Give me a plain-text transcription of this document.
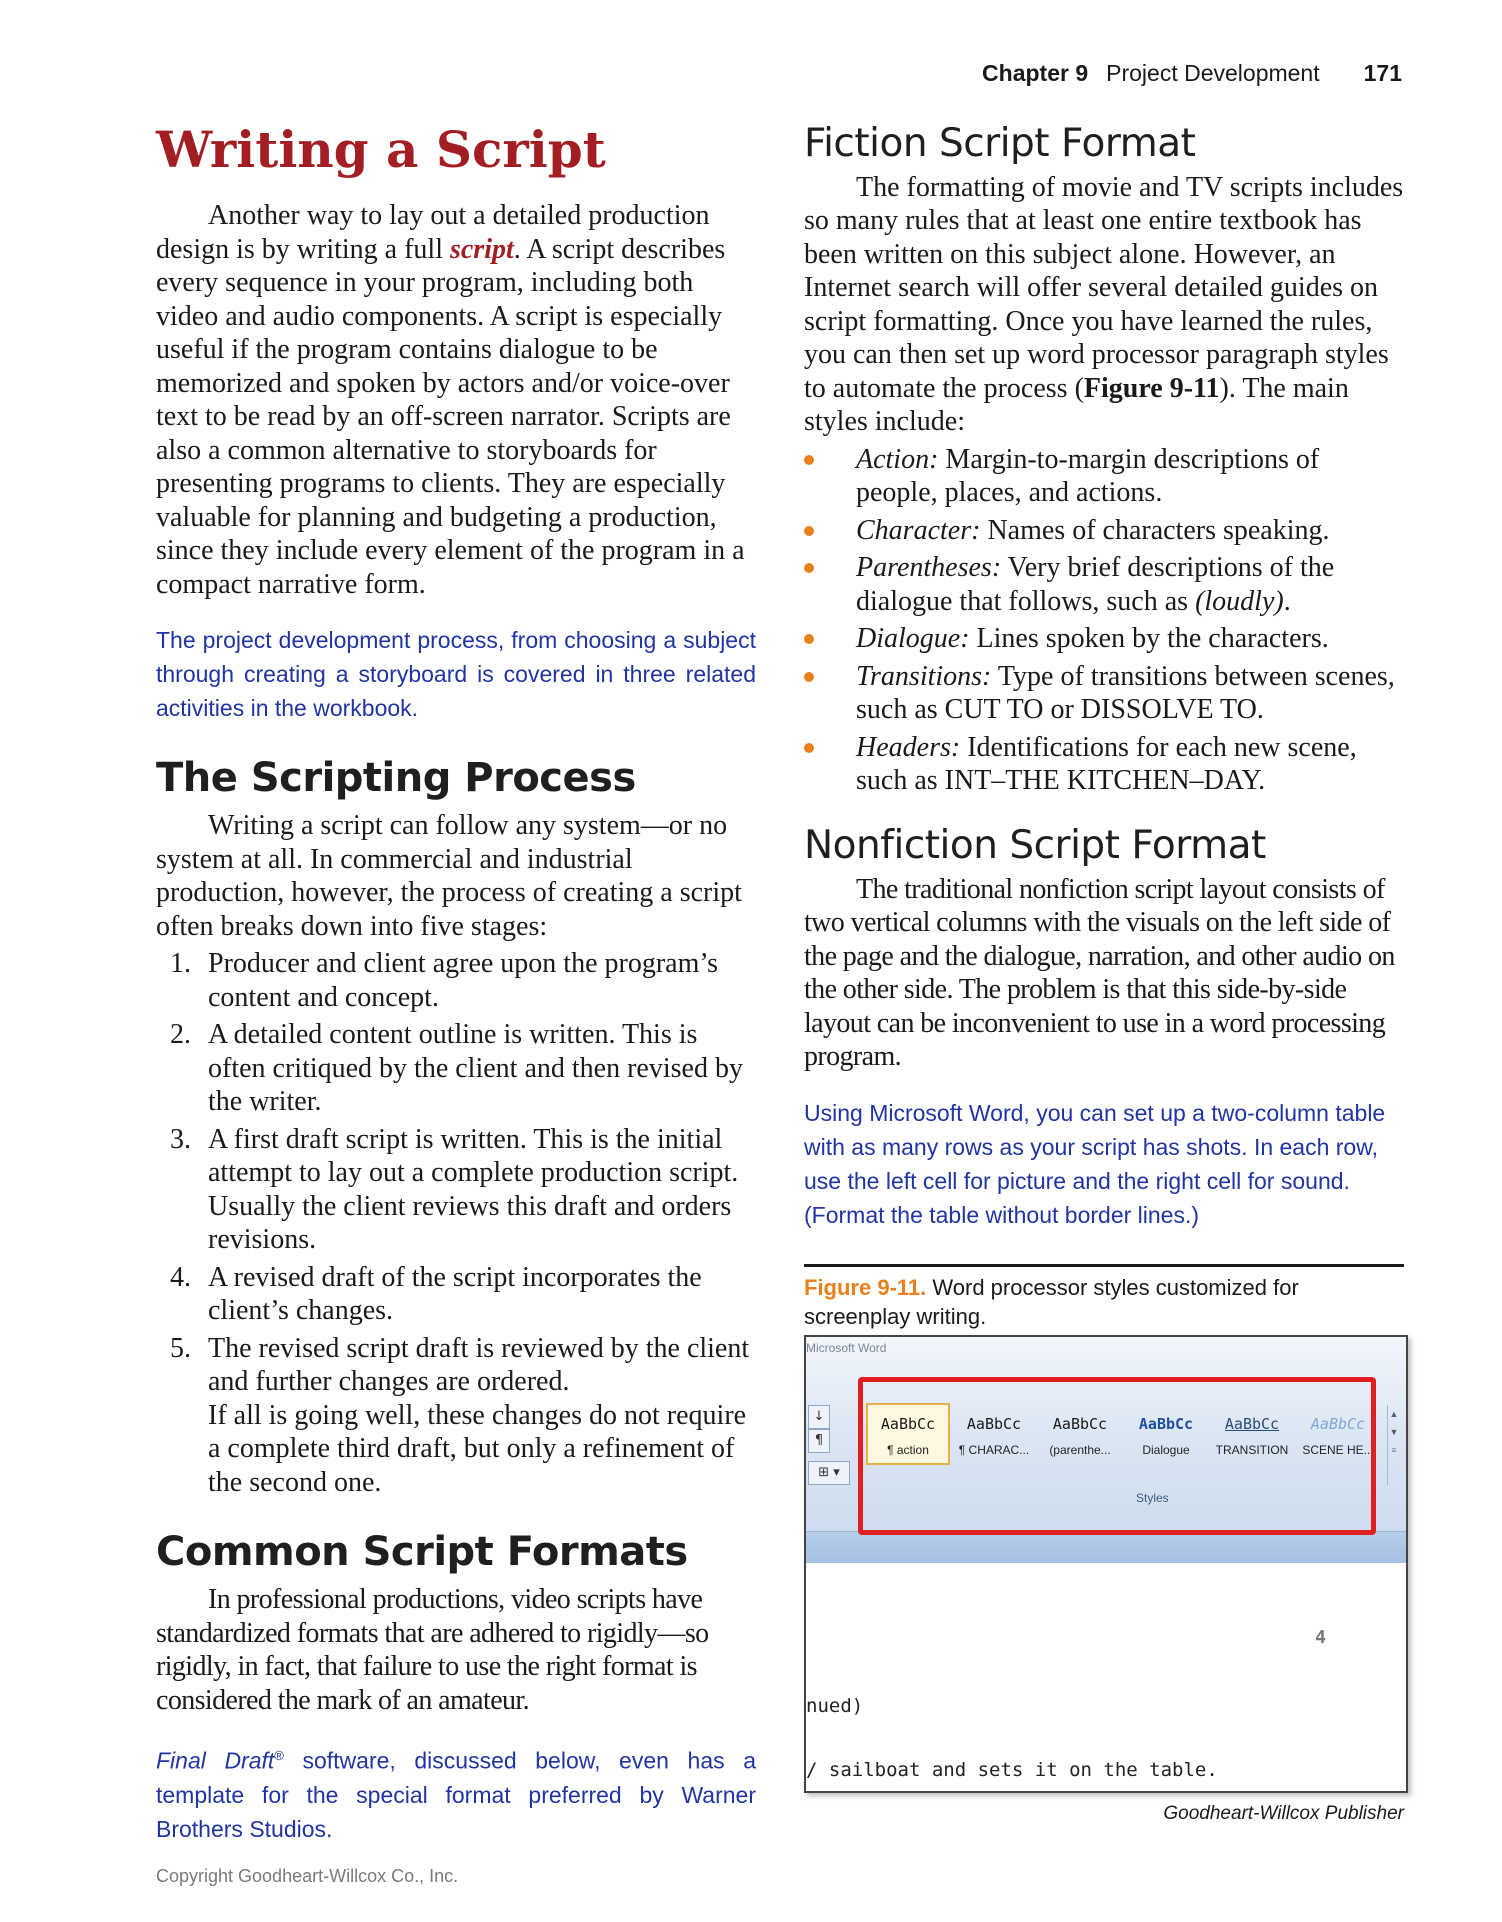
Chapter 9 Project Development 171
Writing a Script

Another way to lay out a detailed production design is by writing a full script. A script describes every sequence in your program, including both video and audio components. A script is especially useful if the program contains dialogue to be memorized and spoken by actors and/or voice-over text to be read by an off-screen narrator. Scripts are also a common alternative to storyboards for presenting programs to clients. They are especially valuable for planning and budgeting a production, since they include every element of the program in a compact narrative form.

The project development process, from choosing a subject through creating a storyboard is covered in three related activities in the workbook.

The Scripting Process

Writing a script can follow any system—or no system at all. In commercial and industrial production, however, the process of creating a script often breaks down into five stages:

1. Producer and client agree upon the program’s content and concept.
2. A detailed content outline is written. This is often critiqued by the client and then revised by the writer.
3. A first draft script is written. This is the initial attempt to lay out a complete production script. Usually the client reviews this draft and orders revisions.
4. A revised draft of the script incorporates the client’s changes.
5. The revised script draft is reviewed by the client and further changes are ordered.
If all is going well, these changes do not require a complete third draft, but only a refinement of the second one.
Common Script Formats

In professional productions, video scripts have standardized formats that are adhered to rigidly—so rigidly, in fact, that failure to use the right format is considered the mark of an amateur.

Final Draft® software, discussed below, even has a template for the special format preferred by Warner Brothers Studios.

Fiction Script Format

The formatting of movie and TV scripts includes so many rules that at least one entire textbook has been written on this subject alone. However, an Internet search will offer several detailed guides on script formatting. Once you have learned the rules, you can then set up word processor paragraph styles to automate the process (Figure 9-11). The main styles include:

Action: Margin-to-margin descriptions of people, places, and actions.
Character: Names of characters speaking.
Parentheses: Very brief descriptions of the dialogue that follows, such as (loudly).
Dialogue: Lines spoken by the characters.
Transitions: Type of transitions between scenes, such as CUT TO or DISSOLVE TO.
Headers: Identifications for each new scene, such as INT–THE KITCHEN–DAY.
Nonfiction Script Format

The traditional nonfiction script layout consists of two vertical columns with the visuals on the left side of the page and the dialogue, narration, and other audio on the other side. The problem is that this side-by-side layout can be inconvenient to use in a word processing program.

Using Microsoft Word, you can set up a two-column table with as many rows as your script has shots. In each row, use the left cell for picture and the right cell for sound. (Format the table without border lines.)

Figure 9-11. Word processor styles customized for screenplay writing.
Microsoft Word
↓¶ ⊞ ▾
AaBbCc
¶ action
AaBbCc
¶ CHARAC...
AaBbCc
(parenthe...
AaBbCc
Dialogue
AaBbCc
TRANSITION
AaBbCc
SCENE HE...
▲
▼
≡
Styles
4
nued)
/ sailboat and sets it on the table.
Goodheart-Willcox Publisher
Copyright Goodheart-Willcox Co., Inc.
